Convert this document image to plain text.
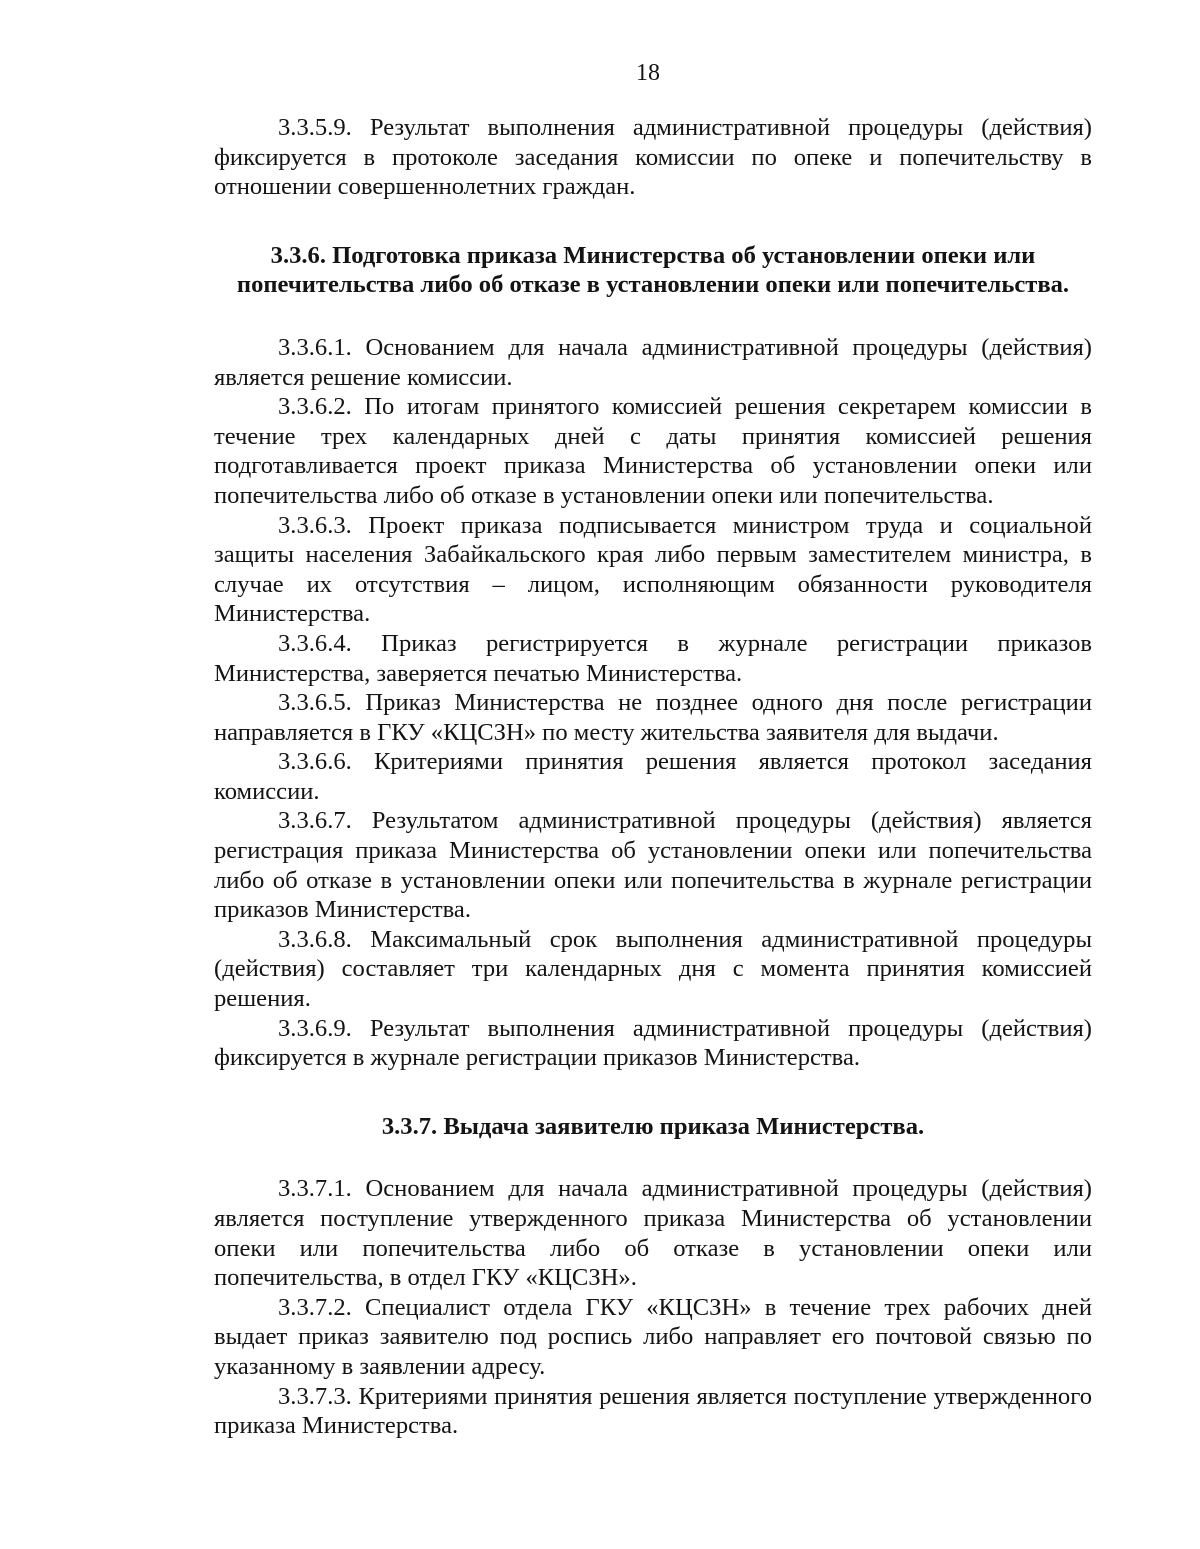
18

3.3.5.9. Результат выполнения административной процедуры (действия) фиксируется в протоколе заседания комиссии по опеке и попечительству в отношении совершеннолетних граждан.

3.3.6. Подготовка приказа Министерства об установлении опеки или
попечительства либо об отказе в установлении опеки или попечительства.

3.3.6.1. Основанием для начала административной процедуры (действия) является решение комиссии.

3.3.6.2. По итогам принятого комиссией решения секретарем комиссии в течение трех календарных дней с даты принятия комиссией решения подготавливается проект приказа Министерства об установлении опеки или попечительства либо об отказе в установлении опеки или попечительства.

3.3.6.3. Проект приказа подписывается министром труда и социальной защиты населения Забайкальского края либо первым заместителем министра, в случае их отсутствия – лицом, исполняющим обязанности руководителя Министерства.

3.3.6.4. Приказ регистрируется в журнале регистрации приказов Министерства, заверяется печатью Министерства.

3.3.6.5. Приказ Министерства не позднее одного дня после регистрации направляется в ГКУ «КЦСЗН» по месту жительства заявителя для выдачи.

3.3.6.6. Критериями принятия решения является протокол заседания комиссии.

3.3.6.7. Результатом административной процедуры (действия) является регистрация приказа Министерства об установлении опеки или попечительства либо об отказе в установлении опеки или попечительства в журнале регистрации приказов Министерства.

3.3.6.8. Максимальный срок выполнения административной процедуры (действия) составляет три календарных дня с момента принятия комиссией решения.

3.3.6.9. Результат выполнения административной процедуры (действия) фиксируется в журнале регистрации приказов Министерства.

3.3.7. Выдача заявителю приказа Министерства.

3.3.7.1. Основанием для начала административной процедуры (действия) является поступление утвержденного приказа Министерства об установлении опеки или попечительства либо об отказе в установлении опеки или попечительства, в отдел ГКУ «КЦСЗН».

3.3.7.2. Специалист отдела ГКУ «КЦСЗН» в течение трех рабочих дней выдает приказ заявителю под роспись либо направляет его почтовой связью по указанному в заявлении адресу.

3.3.7.3. Критериями принятия решения является поступление утвержденного приказа Министерства.
